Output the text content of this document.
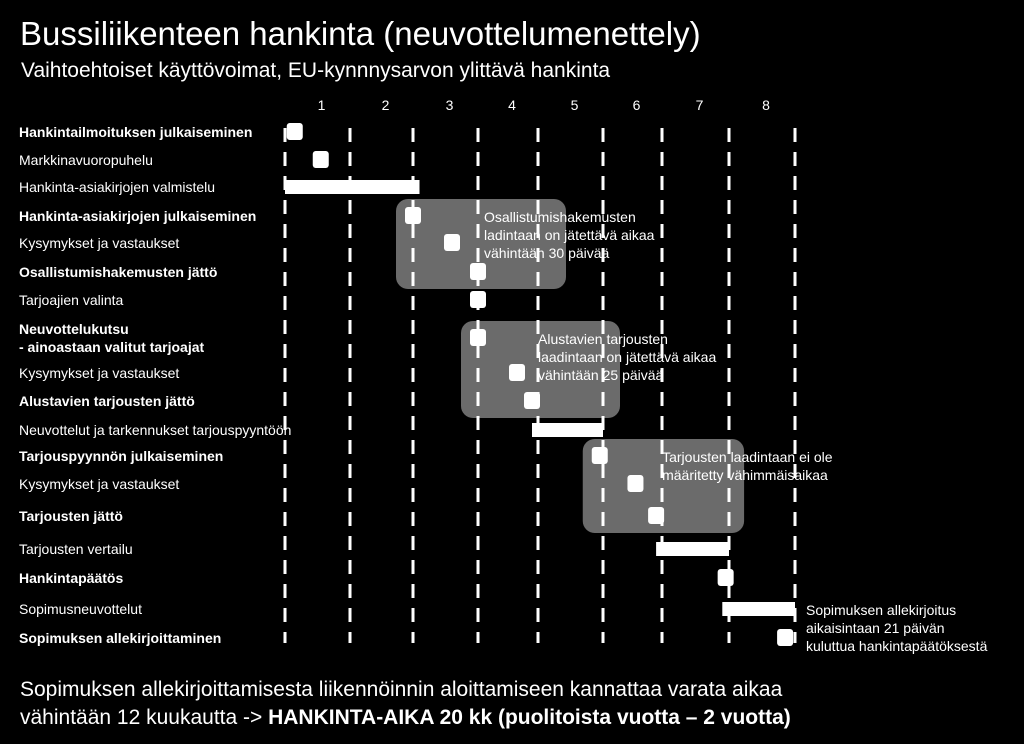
Bussiliikenteen hankinta (neuvottelumenettely)
Vaihtoehtoiset käyttövoimat, EU-kynnnysarvon ylittävä hankinta
1	2	3	4	5	6	7	8
Hankintailmoituksen julkaiseminen
Markkinavuoropuhelu
Hankinta-asiakirjojen valmistelu
Hankinta-asiakirjojen julkaiseminen
Kysymykset ja vastaukset
Osallistumishakemusten jättö
Tarjoajien valinta
Neuvottelukutsu
- ainoastaan valitut tarjoajat
Kysymykset ja vastaukset
Alustavien tarjousten jättö
Neuvottelut ja tarkennukset tarjouspyyntöön
Tarjouspyynnön julkaiseminen
Kysymykset ja vastaukset
Tarjousten jättö
Tarjousten vertailu
Hankintapäätös
Sopimusneuvottelut
Sopimuksen allekirjoittaminen
Osallistumishakemusten
ladintaan on jätettävä aikaa
vähintään 30 päivää
Alustavien tarjousten
laadintaan on jätettävä aikaa
vähintään 25 päivää
Tarjousten laadintaan ei ole
määritetty vähimmäisaikaa
Sopimuksen allekirjoitus
aikaisintaan 21 päivän
kuluttua hankintapäätöksestä
Sopimuksen allekirjoittamisesta liikennöinnin aloittamiseen kannattaa varata aikaa
vähintään 12 kuukautta -> HANKINTA-AIKA 20 kk (puolitoista vuotta – 2 vuotta)
